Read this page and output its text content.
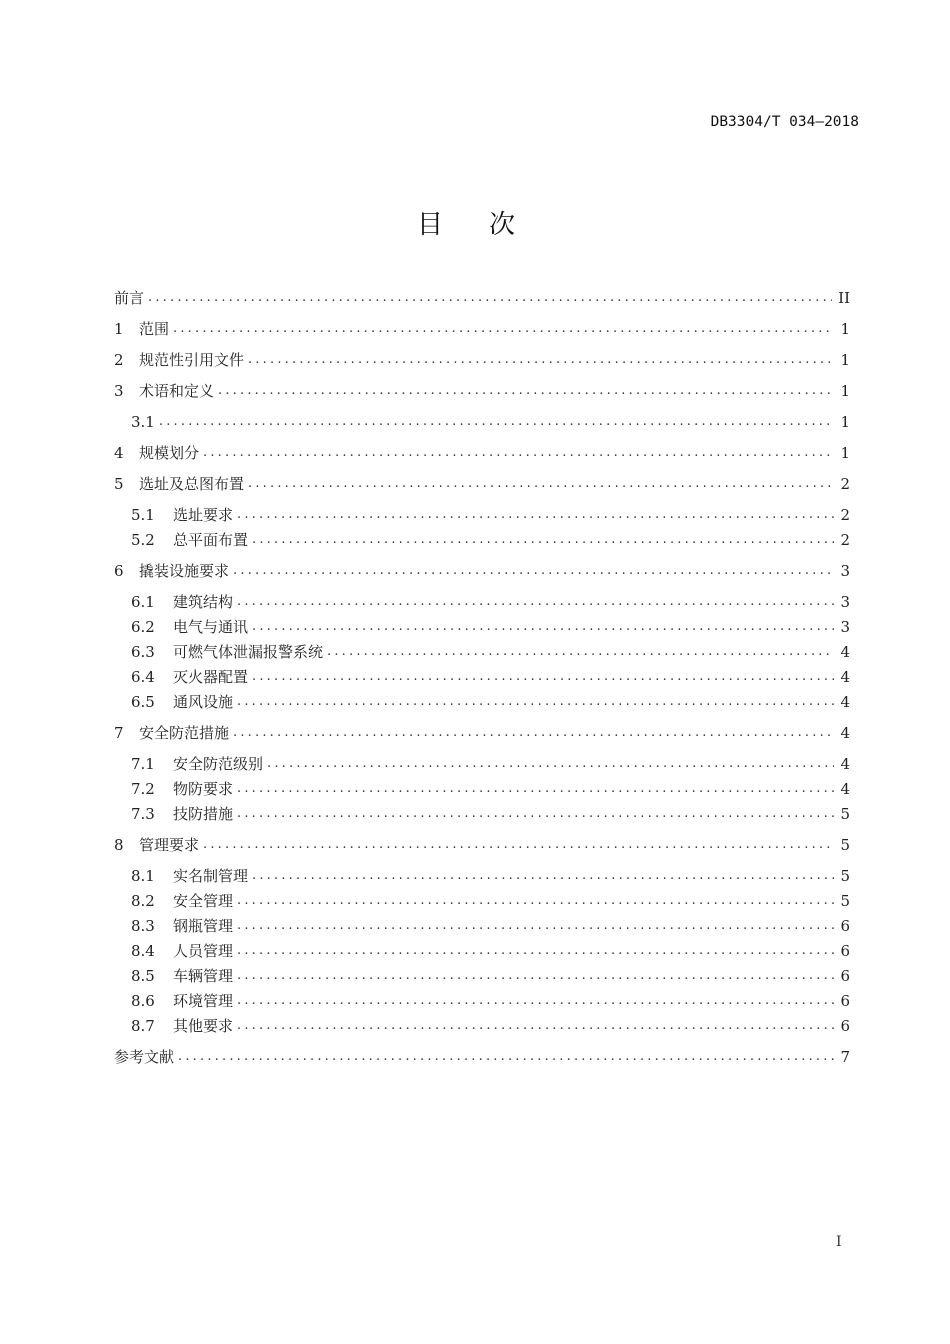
DB3304/T 034—2018
目次
前言 .....	II
1	范围 .....	1
2	规范性引用文件 .....	1
3	术语和定义 .....	1
3.1 .....	1
4	规模划分 .....	1
5	选址及总图布置 .....	2
5.1	选址要求 .....	2
5.2	总平面布置 .....	2
6	撬装设施要求 .....	3
6.1	建筑结构 .....	3
6.2	电气与通讯 .....	3
6.3	可燃气体泄漏报警系统 .....	4
6.4	灭火器配置 .....	4
6.5	通风设施 .....	4
7	安全防范措施 .....	4
7.1	安全防范级别 .....	4
7.2	物防要求 .....	4
7.3	技防措施 .....	5
8	管理要求 .....	5
8.1	实名制管理 .....	5
8.2	安全管理 .....	5
8.3	钢瓶管理 .....	6
8.4	人员管理 .....	6
8.5	车辆管理 .....	6
8.6	环境管理 .....	6
8.7	其他要求 .....	6
参考文献 .....	7
I
